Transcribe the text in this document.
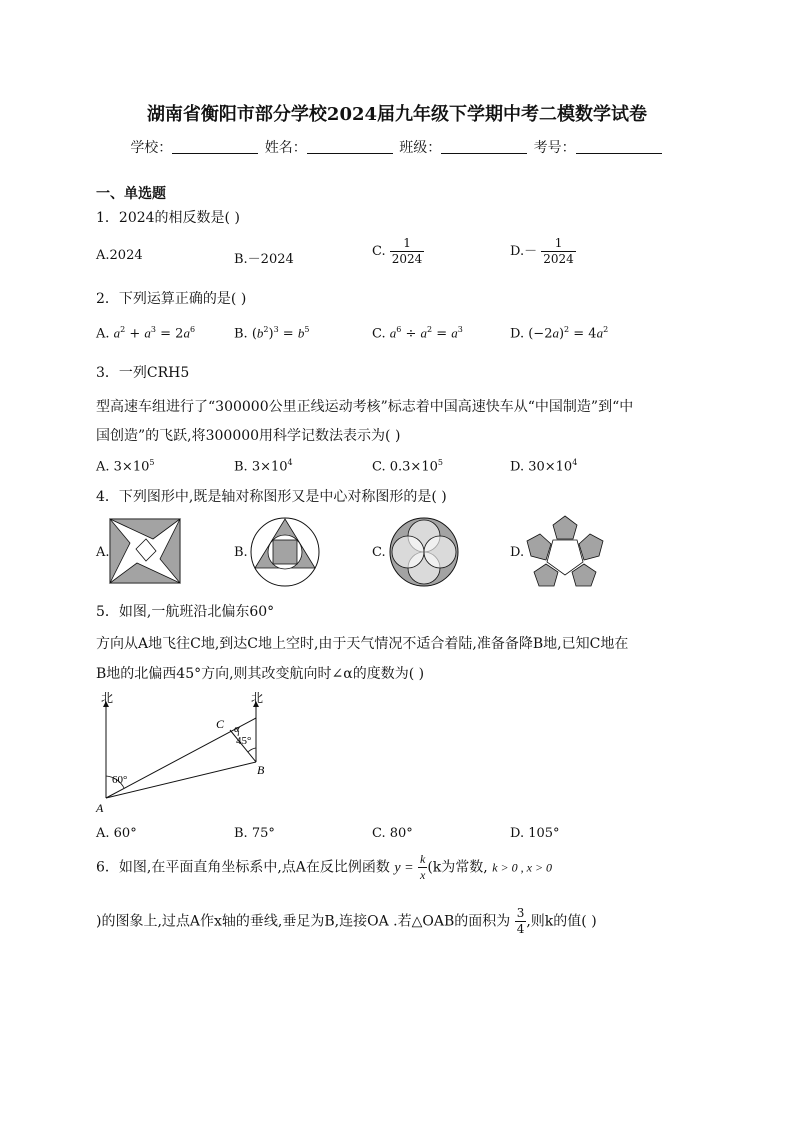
湖南省衡阳市部分学校2024届九年级下学期中考二模数学试卷
学校：	姓名：	班级：	考号：
一、单选题
1．2024的相反数是( )
A.2024	B.－2024
C. $\frac{1}{2024}$	$D.- \frac{1}{2024}$
2．下列运算正确的是( )
A. $a^2 + a^3 = 2a^6$	B. $(b^2)^3 = b^5$	C. $a^6 \div a^2 = a^3$	D. $(-2a)^2 = 4a^2$
3．一列CRH5
型高速车组进行了“300000公里正线运动考核”标志着中国高速快车从“中国制造”到“中
国创造”的飞跃,将300000用科学记数法表示为( )
A. $3\times 10^5$	B. $3\times 10^4$	C. $0.3\times 10^5$	D. $30\times 10^4$
4．下列图形中,既是轴对称图形又是中心对称图形的是( )
A.	B.	C.	D.
5．如图,一航班沿北偏东60°
方向从A地飞往C地,到达C地上空时,由于天气情况不适合着陆,准备备降B地,已知C地在
B地的北偏西45°方向,则其改变航向时∠α的度数为( )
北	北
60°
45°
α
A
B
C
A. 60°	B. 75°	C. 80°	D. 105°
6．如图,在平面直角坐标系中,点A在反比例函数 $y = \frac{k}{x} (k$为常数, k > 0 , x > 0
)的图象上,过点A作x轴的垂线,垂足为B,连接OA .若△OAB的面积为 $\frac{3}{4}$ ,则k的值( )
